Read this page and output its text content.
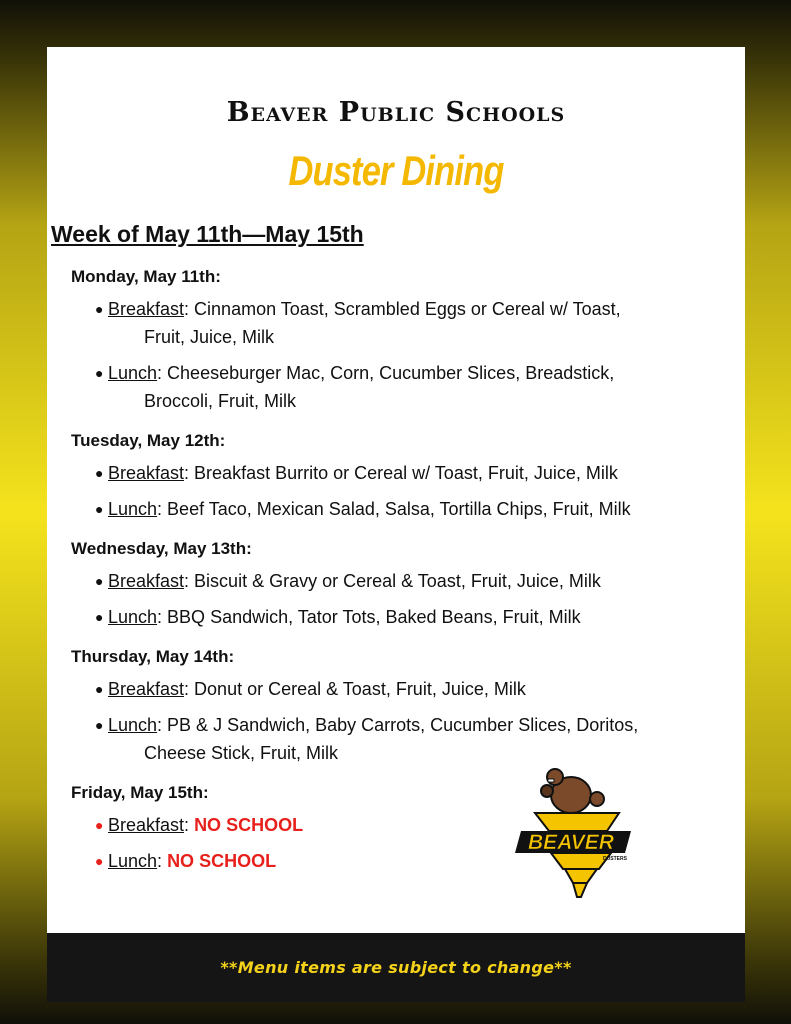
Beaver Public Schools
Duster Dining
Week of May 11th—May 15th
Monday, May 11th:
● Breakfast: Cinnamon Toast, Scrambled Eggs or Cereal w/ Toast,
Fruit, Juice, Milk
● Lunch: Cheeseburger Mac, Corn, Cucumber Slices, Breadstick,
Broccoli, Fruit, Milk
Tuesday, May 12th:
● Breakfast: Breakfast Burrito or Cereal w/ Toast, Fruit, Juice, Milk
● Lunch: Beef Taco, Mexican Salad, Salsa, Tortilla Chips, Fruit, Milk
Wednesday, May 13th:
● Breakfast: Biscuit & Gravy or Cereal & Toast, Fruit, Juice, Milk
● Lunch: BBQ Sandwich, Tator Tots, Baked Beans, Fruit, Milk
Thursday, May 14th:
● Breakfast: Donut or Cereal & Toast, Fruit, Juice, Milk
● Lunch: PB & J Sandwich, Baby Carrots, Cucumber Slices, Doritos,
Cheese Stick, Fruit, Milk
Friday, May 15th:
● Breakfast: NO SCHOOL
● Lunch: NO SCHOOL
BEAVER
DUSTERS
**Menu items are subject to change**
